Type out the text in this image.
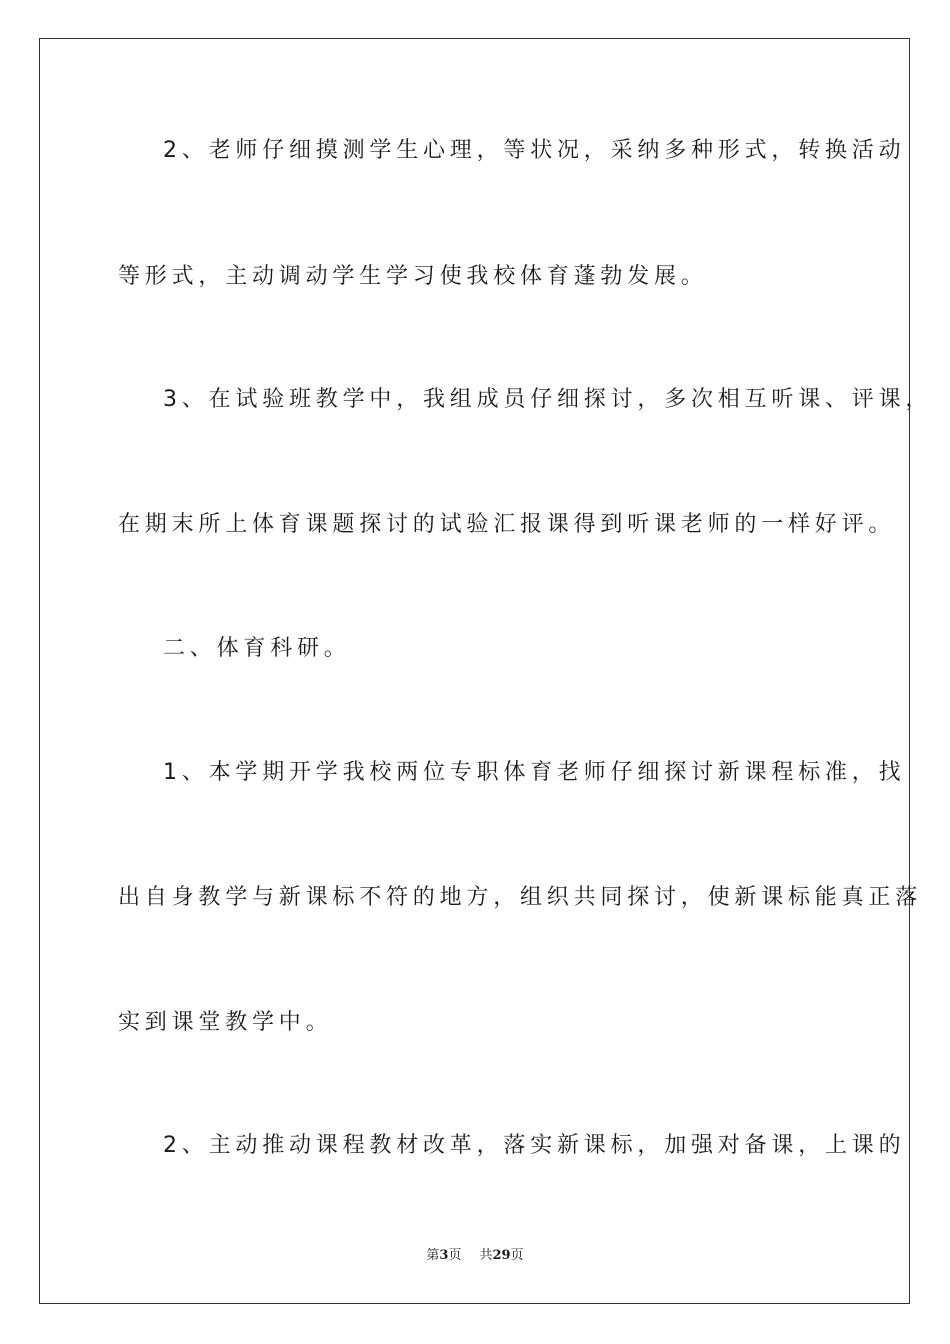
2、老师仔细摸测学生心理，等状况，采纳多种形式，转换活动

等形式，主动调动学生学习使我校体育蓬勃发展。

3、在试验班教学中，我组成员仔细探讨，多次相互听课、评课，

在期末所上体育课题探讨的试验汇报课得到听课老师的一样好评。

二、体育科研。

1、本学期开学我校两位专职体育老师仔细探讨新课程标准，找

出自身教学与新课标不符的地方，组织共同探讨，使新课标能真正落

实到课堂教学中。

2、主动推动课程教材改革，落实新课标，加强对备课，上课的

第3页 共29页
